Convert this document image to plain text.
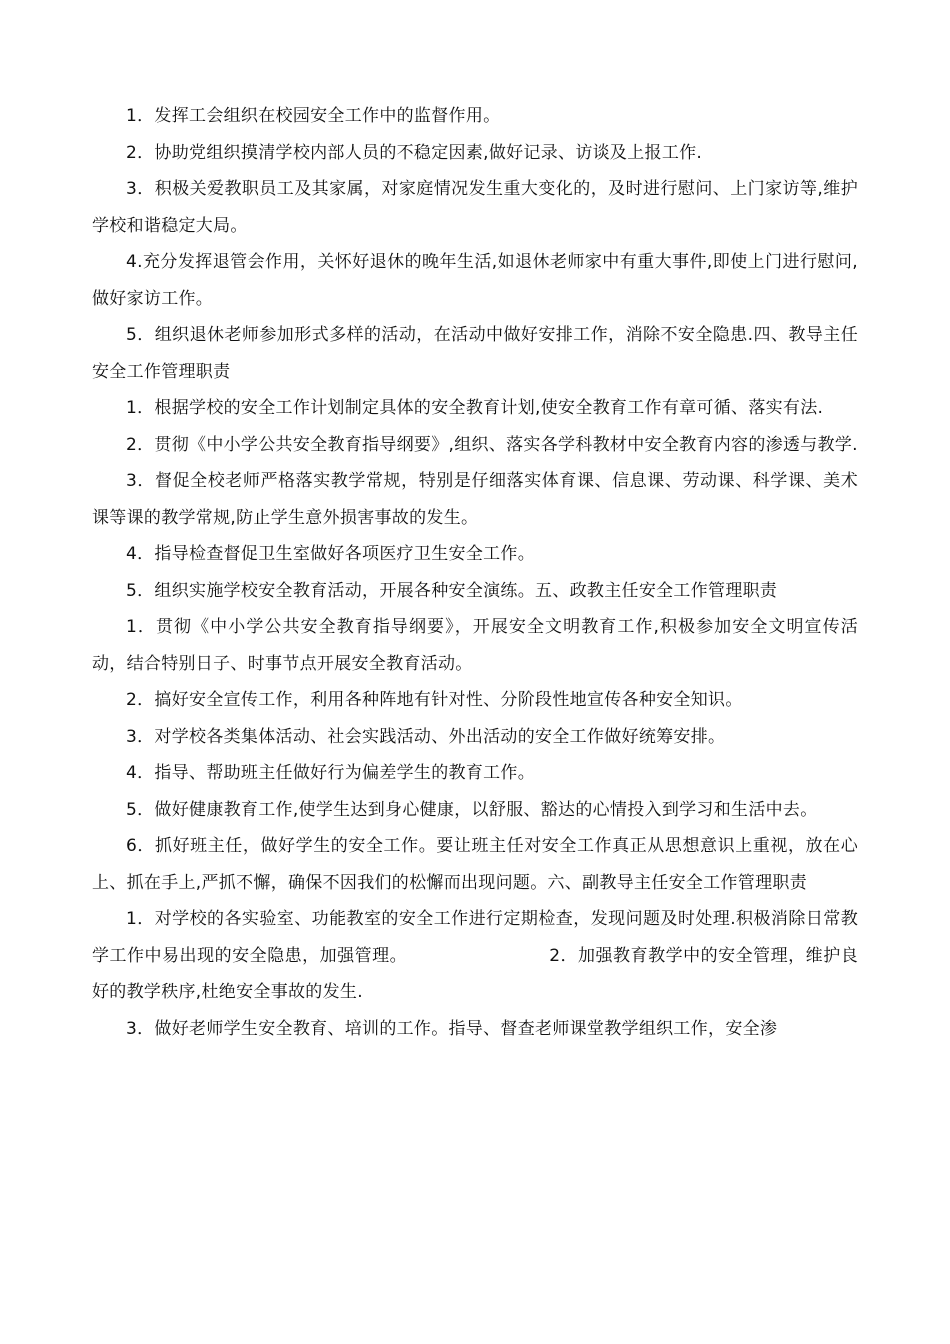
1．发挥工会组织在校园安全工作中的监督作用。

2．协助党组织摸清学校内部人员的不稳定因素,做好记录、访谈及上报工作.

3．积极关爱教职员工及其家属，对家庭情况发生重大变化的，及时进行慰问、上门家访等,维护学校和谐稳定大局。

4.充分发挥退管会作用，关怀好退休的晚年生活,如退休老师家中有重大事件,即使上门进行慰问,做好家访工作。

5．组织退休老师参加形式多样的活动，在活动中做好安排工作，消除不安全隐患.四、教导主任安全工作管理职责

1．根据学校的安全工作计划制定具体的安全教育计划,使安全教育工作有章可循、落实有法.

2．贯彻《中小学公共安全教育指导纲要》,组织、落实各学科教材中安全教育内容的渗透与教学.

3．督促全校老师严格落实教学常规，特别是仔细落实体育课、信息课、劳动课、科学课、美术课等课的教学常规,防止学生意外损害事故的发生。

4．指导检查督促卫生室做好各项医疗卫生安全工作。

5．组织实施学校安全教育活动，开展各种安全演练。五、政教主任安全工作管理职责

1．贯彻《中小学公共安全教育指导纲要》，开展安全文明教育工作,积极参加安全文明宣传活动，结合特别日子、时事节点开展安全教育活动。

2．搞好安全宣传工作，利用各种阵地有针对性、分阶段性地宣传各种安全知识。

3．对学校各类集体活动、社会实践活动、外出活动的安全工作做好统筹安排。

4．指导、帮助班主任做好行为偏差学生的教育工作。

5．做好健康教育工作,使学生达到身心健康，以舒服、豁达的心情投入到学习和生活中去。

6．抓好班主任，做好学生的安全工作。要让班主任对安全工作真正从思想意识上重视，放在心上、抓在手上,严抓不懈，确保不因我们的松懈而出现问题。六、副教导主任安全工作管理职责

1．对学校的各实验室、功能教室的安全工作进行定期检查，发现问题及时处理.积极消除日常教学工作中易出现的安全隐患，加强管理。	2．加强教育教学中的安全管理，维护良好的教学秩序,杜绝安全事故的发生.

3．做好老师学生安全教育、培训的工作。指导、督查老师课堂教学组织工作，安全渗
